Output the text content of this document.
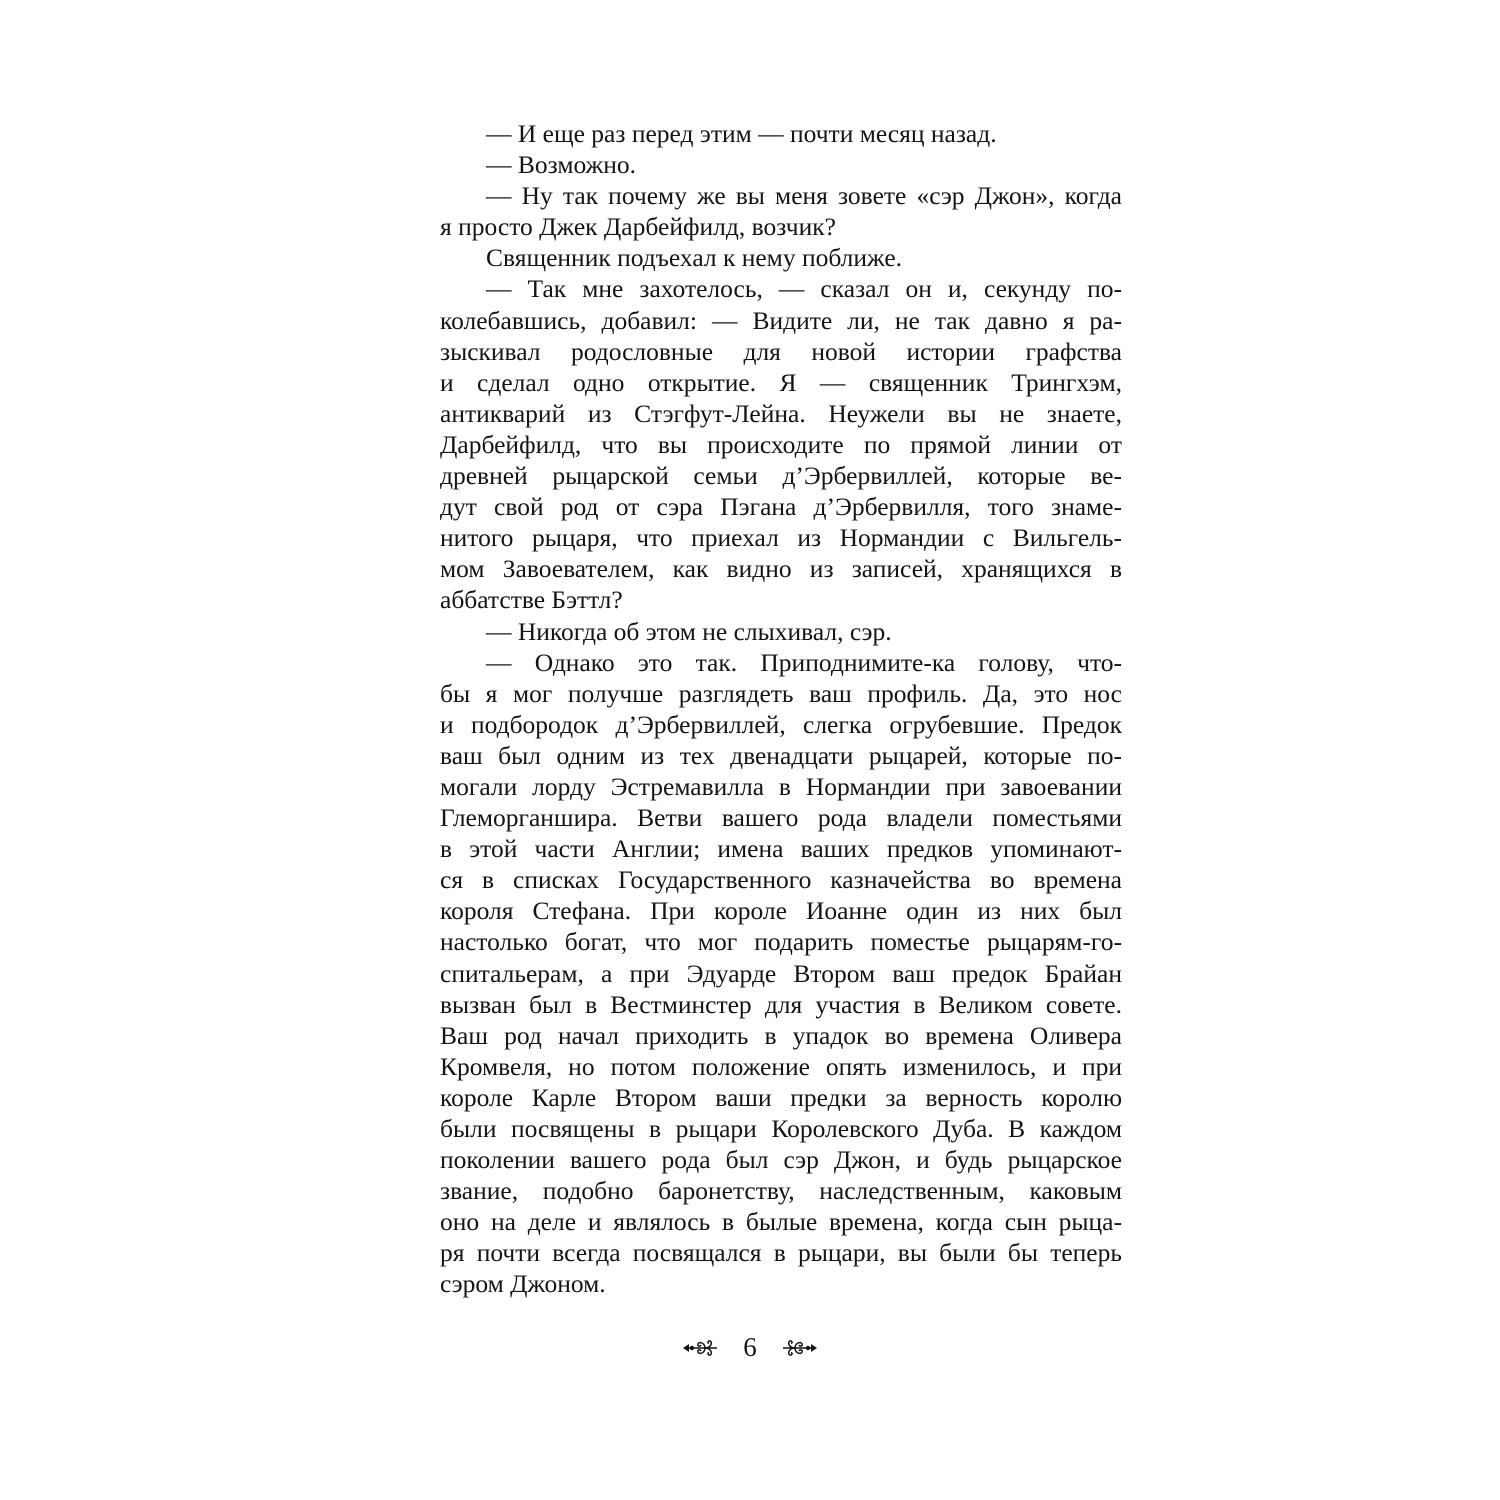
— И еще раз перед этим — почти месяц назад.
— Возможно.
— Ну так почему же вы меня зовете «сэр Джон», когда
я просто Джек Дарбейфилд, возчик?
Священник подъехал к нему поближе.
— Так мне захотелось, — сказал он и, секунду по-
колебавшись, добавил: — Видите ли, не так давно я ра-
зыскивал родословные для новой истории графства
и сделал одно открытие. Я — священник Трингхэм,
антикварий из Стэгфут-Лейна. Неужели вы не знаете,
Дарбейфилд, что вы происходите по прямой линии от
древней рыцарской семьи д’Эрбервиллей, которые ве-
дут свой род от сэра Пэгана д’Эрбервилля, того знаме-
нитого рыцаря, что приехал из Нормандии с Вильгель-
мом Завоевателем, как видно из записей, хранящихся в
аббатстве Бэттл?
— Никогда об этом не слыхивал, сэр.
— Однако это так. Приподнимите-ка голову, что-
бы я мог получше разглядеть ваш профиль. Да, это нос
и подбородок д’Эрбервиллей, слегка огрубевшие. Предок
ваш был одним из тех двенадцати рыцарей, которые по-
могали лорду Эстремавилла в Нормандии при завоевании
Глеморганшира. Ветви вашего рода владели поместьями
в этой части Англии; имена ваших предков упоминают-
ся в списках Государственного казначейства во времена
короля Стефана. При короле Иоанне один из них был
настолько богат, что мог подарить поместье рыцарям-го-
спитальерам, а при Эдуарде Втором ваш предок Брайан
вызван был в Вестминстер для участия в Великом совете.
Ваш род начал приходить в упадок во времена Оливера
Кромвеля, но потом положение опять изменилось, и при
короле Карле Втором ваши предки за верность королю
были посвящены в рыцари Королевского Дуба. В каждом
поколении вашего рода был сэр Джон, и будь рыцарское
звание, подобно баронетству, наследственным, каковым
оно на деле и являлось в былые времена, когда сын рыца-
ря почти всегда посвящался в рыцари, вы были бы теперь
сэром Джоном.
6
